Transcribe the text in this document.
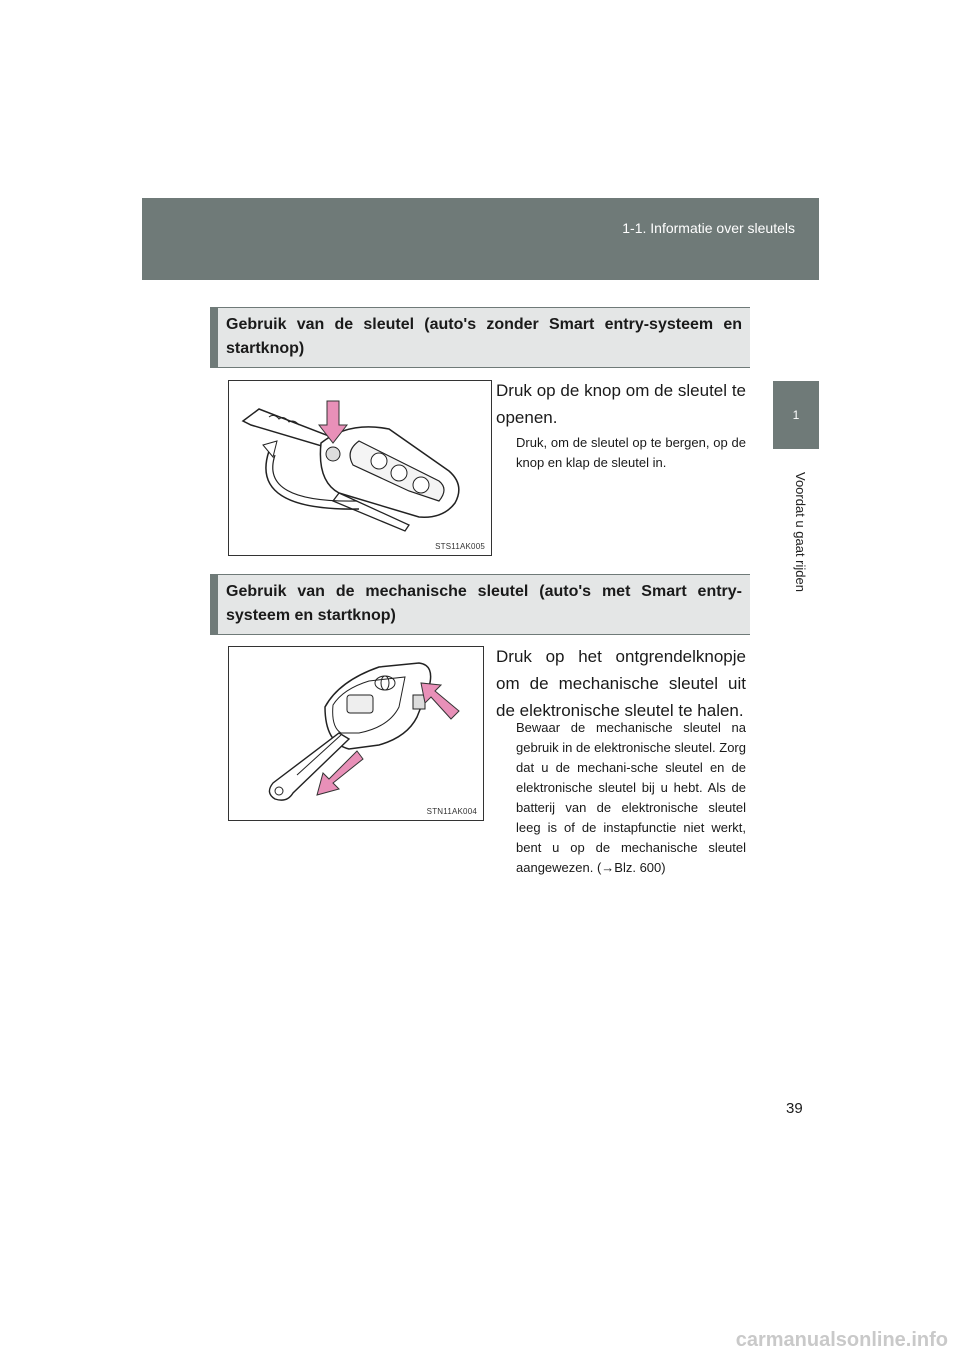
1-1. Informatie over sleutels
1
Voordat u gaat rijden
Gebruik van de sleutel (auto's zonder Smart entry-systeem en startknop)
STS11AK005
Druk op de knop om de sleutel te openen.
Druk, om de sleutel op te bergen, op de knop en klap de sleutel in.
Gebruik van de mechanische sleutel (auto's met Smart entry-systeem en startknop)
STN11AK004
Druk op het ontgrendelknopje om de mechanische sleutel uit de elektronische sleutel te halen.
Bewaar de mechanische sleutel na gebruik in de elektronische sleutel. Zorg dat u de mechani-sche sleutel en de elektronische sleutel bij u hebt. Als de batterij van de elektronische sleutel leeg is of de instapfunctie niet werkt, bent u op de mechanische sleutel aangewezen. (→Blz. 600)
39
carmanualsonline.info
